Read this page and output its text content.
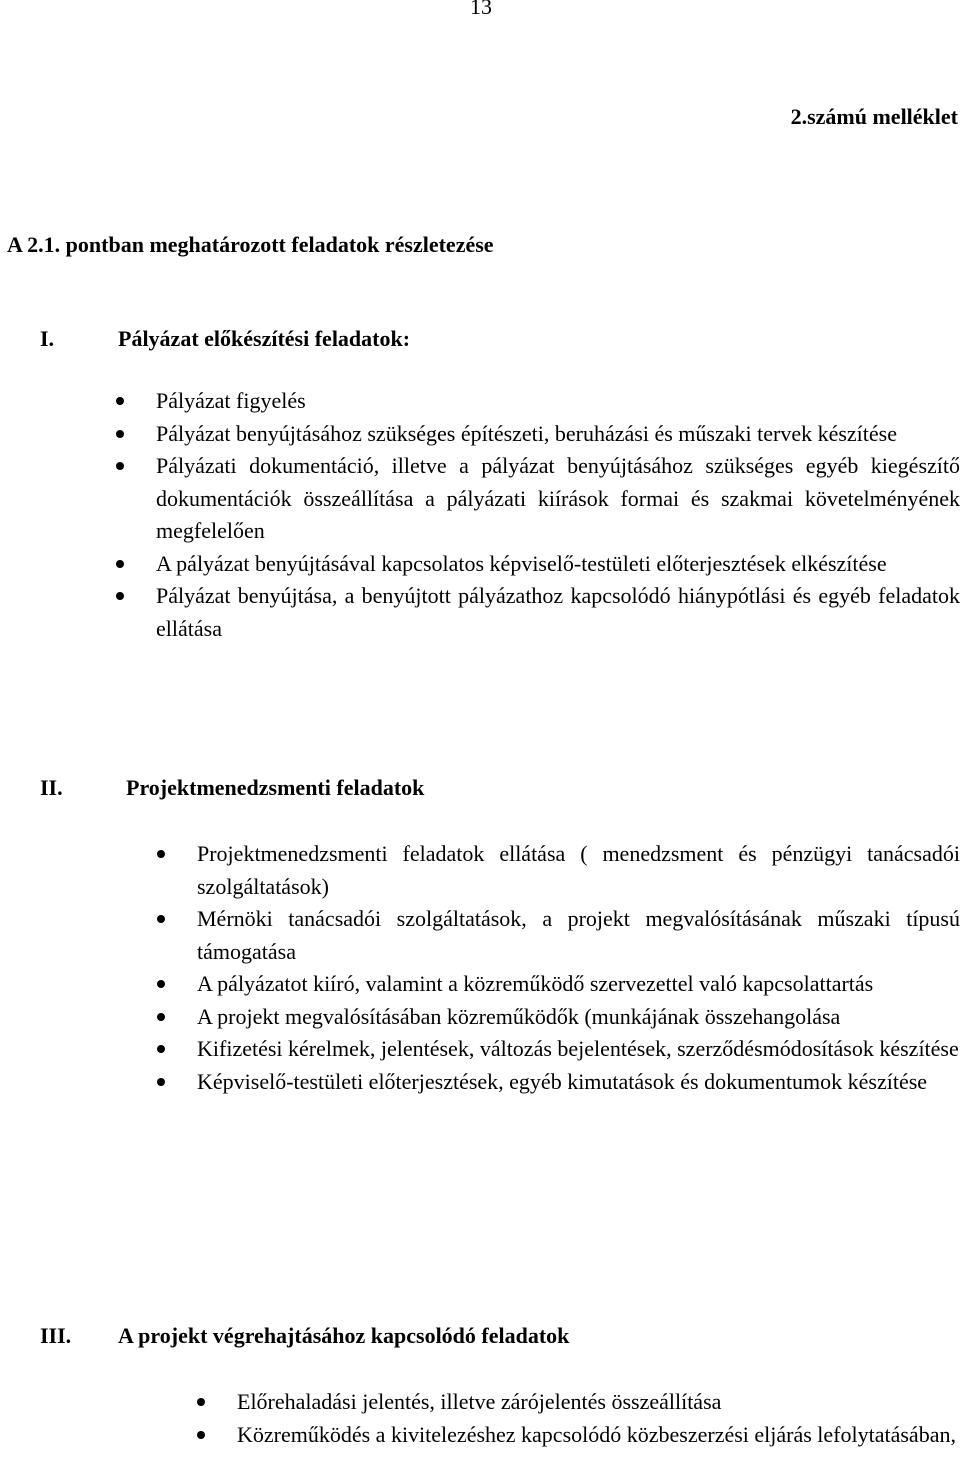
13
2.számú melléklet
A 2.1. pontban meghatározott feladatok részletezése
I.	Pályázat előkészítési feladatok:
Pályázat figyelés
Pályázat benyújtásához szükséges építészeti, beruházási és műszaki tervek készítése
Pályázati dokumentáció, illetve a pályázat benyújtásához szükséges egyéb kiegészítő dokumentációk összeállítása a pályázati kiírások formai és szakmai követelményének megfelelően
A pályázat benyújtásával kapcsolatos képviselő-testületi előterjesztések elkészítése
Pályázat benyújtása, a benyújtott pályázathoz kapcsolódó hiánypótlási és egyéb feladatok ellátása
II.	Projektmenedzsmenti feladatok
Projektmenedzsmenti feladatok ellátása ( menedzsment és pénzügyi tanácsadói szolgáltatások)
Mérnöki tanácsadói szolgáltatások, a projekt megvalósításának műszaki típusú támogatása
A pályázatot kiíró, valamint a közreműködő szervezettel való kapcsolattartás
A projekt megvalósításában közreműködők (munkájának összehangolása
Kifizetési kérelmek, jelentések, változás bejelentések, szerződésmódosítások készítése
Képviselő-testületi előterjesztések, egyéb kimutatások és dokumentumok készítése
III. A projekt végrehajtásához kapcsolódó feladatok
Előrehaladási jelentés, illetve zárójelentés összeállítása
Közreműködés a kivitelezéshez kapcsolódó közbeszerzési eljárás lefolytatásában,
